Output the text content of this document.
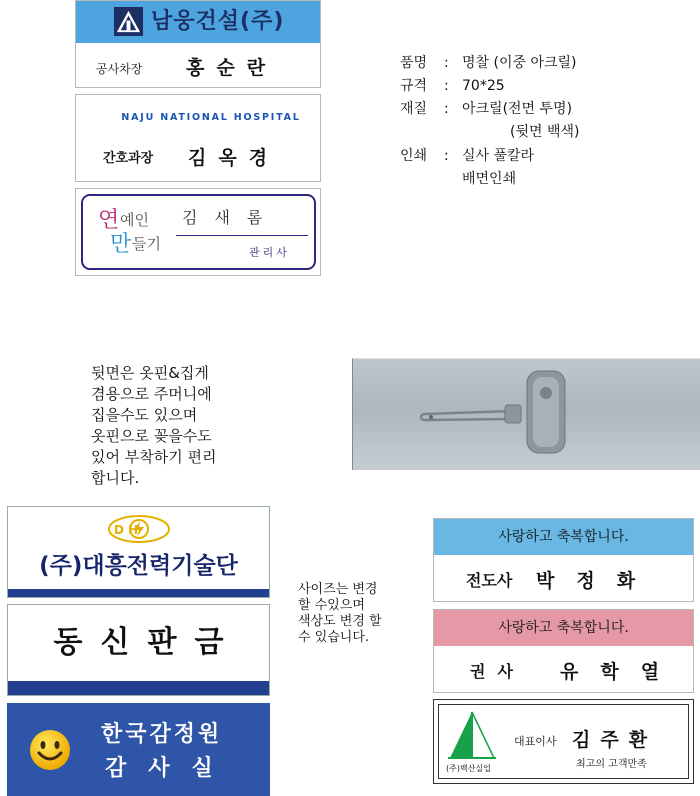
남웅건설(주)
공사차장 홍순란
NAJU NATIONAL HOSPITAL
간호과장 김옥경
연 예인
만 들기
김새롬
관리사
품명 : 명찰 (이중 아크릴)
규격 : 70*25
재질 : 아크릴(전면 투명)
(뒷면 백색)
인쇄 : 실사 풀칼라
배면인쇄
뒷면은 옷핀&집게
겸용으로 주머니에
집을수도 있으며
옷핀으로 꽂을수도
있어 부착하기 편리
합니다.
사이즈는 변경
할 수있으며
색상도 변경 할
수 있습니다.
D H
(주)대흥전력기술단
동신판금
한국감정원
감사실
사랑하고 축복합니다.
전도사 박정화
사랑하고 축복합니다.
권사 유학열
(주)백산실업
대표이사 김주환
최고의 고객만족
